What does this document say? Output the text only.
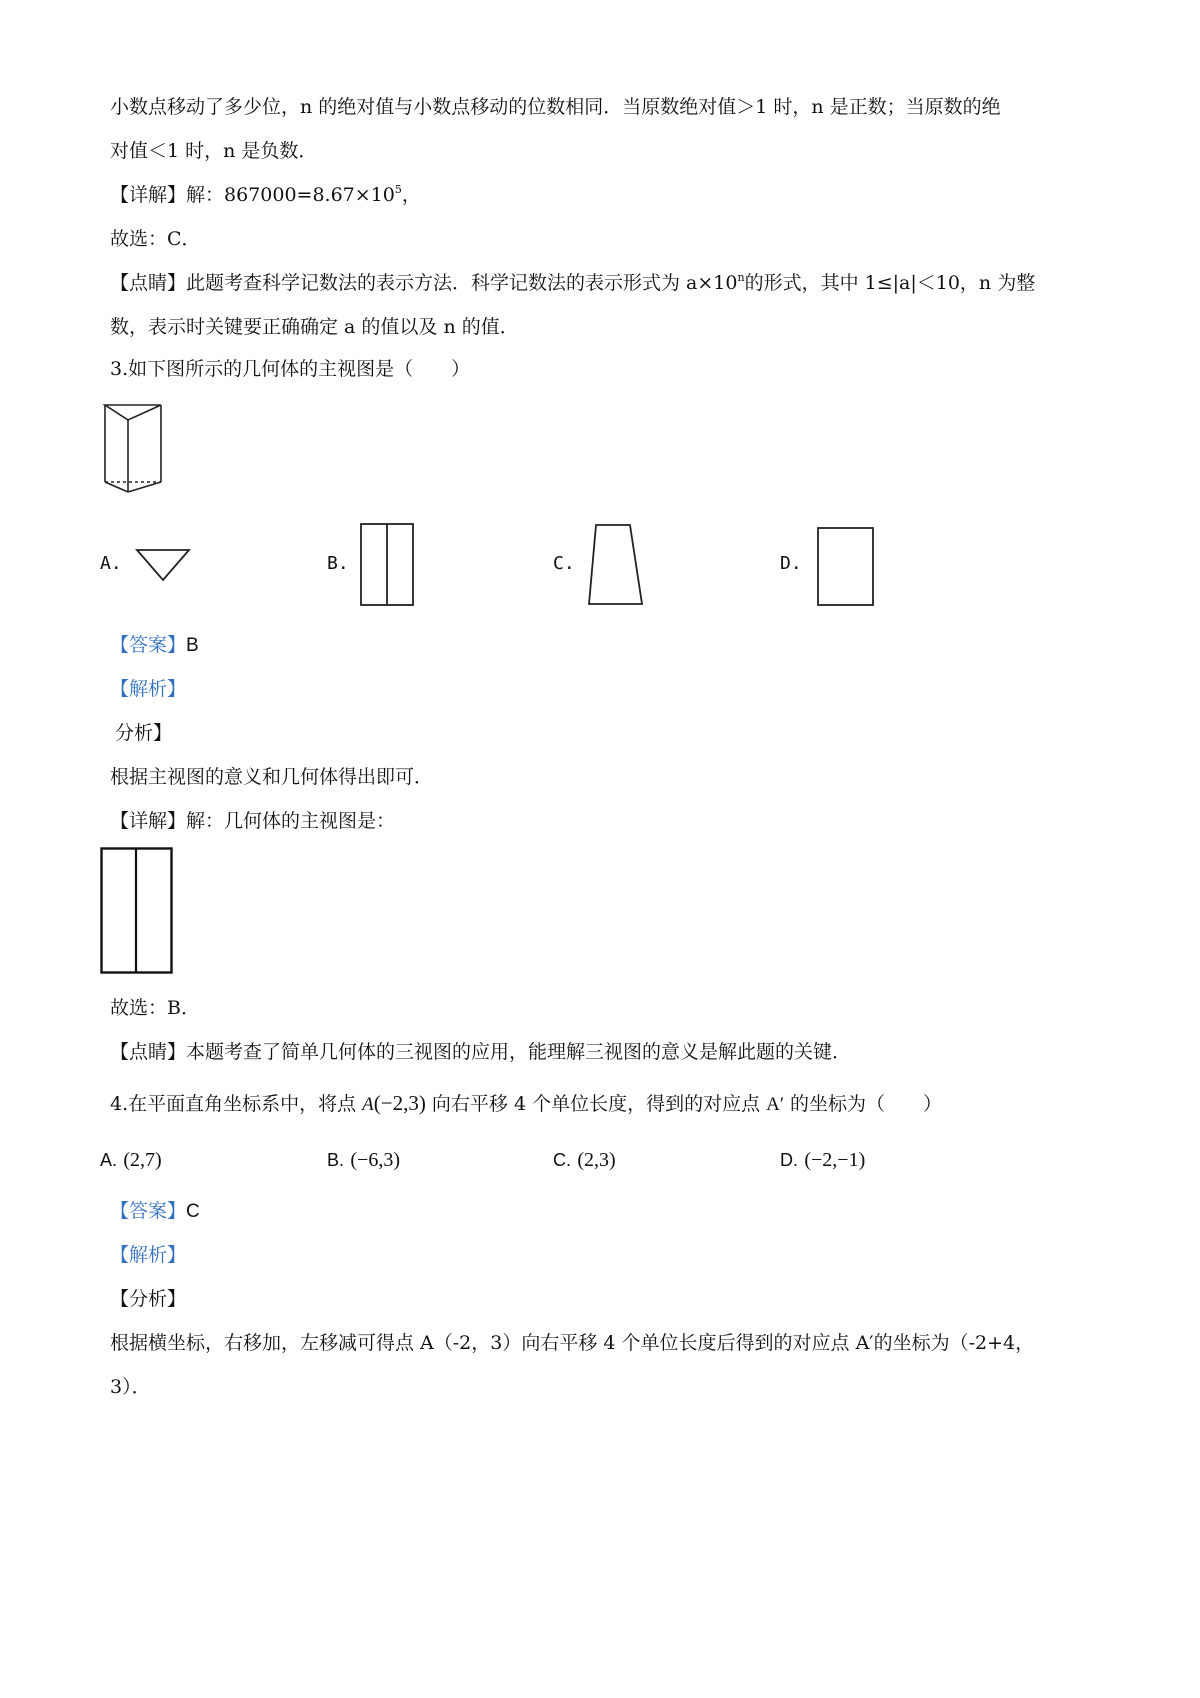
小数点移动了多少位，n 的绝对值与小数点移动的位数相同．当原数绝对值＞1 时，n 是正数；当原数的绝
对值＜1 时，n 是负数．
【详解】解：$867000=8.67\times 10^5$，
故选：C．
【点睛】此题考查科学记数法的表示方法．科学记数法的表示形式为 $a\times 10^n$的形式，其中 1≤|a|＜10，n 为整
数，表示时关键要正确确定 a 的值以及 n 的值．
3.如下图所示的几何体的主视图是（　　）
A.	B.	C.	D.
【答案】B
【解析】
分析】
根据主视图的意义和几何体得出即可．
【详解】解：几何体的主视图是：
故选：B．
【点睛】本题考查了简单几何体的三视图的应用，能理解三视图的意义是解此题的关键．
4.在平面直角坐标系中，将点 A(−2,3) 向右平移 4 个单位长度，得到的对应点 A′ 的坐标为（　　）
A. (2,7)	B. (−6,3)	C. (2,3)	D. (−2,−1)
【答案】C
【解析】
【分析】
根据横坐标，右移加，左移减可得点 A（-2，3）向右平移 4 个单位长度后得到的对应点 A′的坐标为（-2+4，
3）．
